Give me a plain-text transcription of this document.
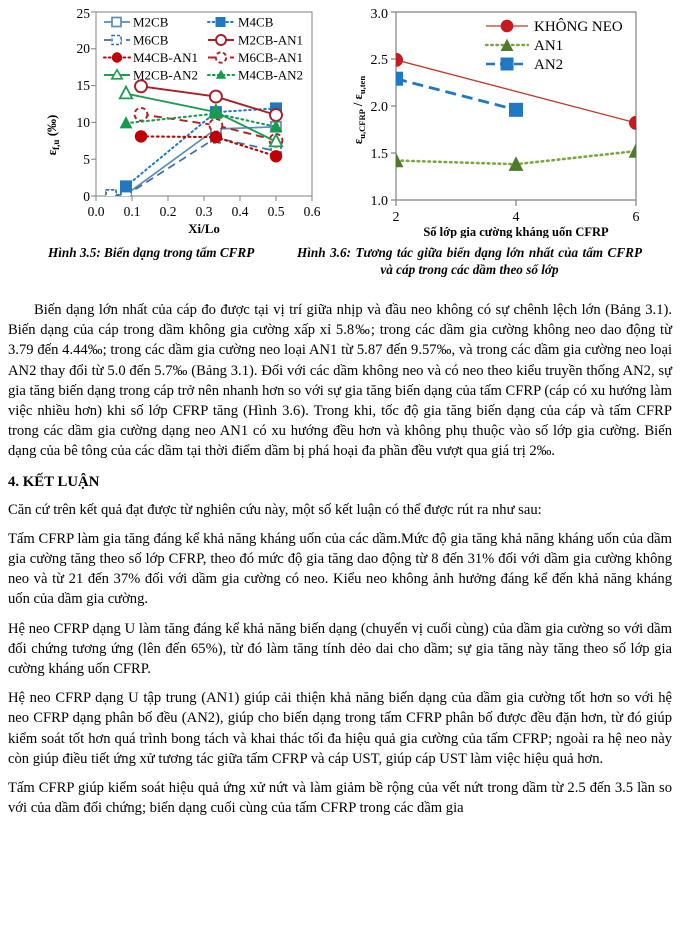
0
5
10
15
20
25
0.0 0.1 0.2 0.3 0.4 0.5 0.6
Xi/Lo
$\varepsilon_{f,u}$ (‰)
M2CB	M4CB
M6CB	M2CB-AN1
M4CB-AN1	M6CB-AN1
M2CB-AN2	M4CB-AN2
1.0
1.5
2.0
2.5
3.0
2	4	6
Số lớp gia cường kháng uốn CFRP
$\varepsilon_{u,CFRP} / \varepsilon_{u,ten}$
KHÔNG NEO
AN1
AN2
Hình 3.5: Biến dạng trong tấm CFRP	Hình 3.6: Tương tác giữa biến dạng lớn nhất của tấm CFRP và cáp trong các dầm theo số lớp

Biến dạng lớn nhất của cáp đo được tại vị trí giữa nhịp và đầu neo không có sự chênh lệch lớn (Bảng 3.1). Biến dạng của cáp trong dầm không gia cường xấp xỉ 5.8‰; trong các dầm gia cường không neo dao động từ 3.79 đến 4.44‰; trong các dầm gia cường neo loại AN1 từ 5.87 đến 9.57‰, và trong các dầm gia cường neo loại AN2 thay đổi từ 5.0 đến 5.7‰ (Bảng 3.1). Đối với các dầm không neo và có neo theo kiểu truyền thống AN2, sự gia tăng biến dạng trong cáp trở nên nhanh hơn so với sự gia tăng biến dạng của tấm CFRP (cáp có xu hướng làm việc nhiều hơn) khi số lớp CFRP tăng (Hình 3.6). Trong khi, tốc độ gia tăng biến dạng của cáp và tấm CFRP trong các dầm gia cường dạng neo AN1 có xu hướng đều hơn và không phụ thuộc vào số lớp gia cường. Biến dạng của bê tông của các dầm tại thời điểm dầm bị phá hoại đa phần đều vượt qua giá trị 2‰.

4. KẾT LUẬN

Căn cứ trên kết quả đạt được từ nghiên cứu này, một số kết luận có thể được rút ra như sau:

Tấm CFRP làm gia tăng đáng kể khả năng kháng uốn của các dầm.Mức độ gia tăng khả năng kháng uốn của dầm gia cường tăng theo số lớp CFRP, theo đó mức độ gia tăng dao động từ 8 đến 31% đối với dầm gia cường không neo và từ 21 đến 37% đối với dầm gia cường có neo. Kiểu neo không ảnh hưởng đáng kể đến khả năng kháng uốn của dầm gia cường.

Hệ neo CFRP dạng U làm tăng đáng kể khả năng biến dạng (chuyển vị cuối cùng) của dầm gia cường so với dầm đối chứng tương ứng (lên đến 65%), từ đó làm tăng tính dẻo dai cho dầm; sự gia tăng này tăng theo số lớp gia cường kháng uốn CFRP.

Hệ neo CFRP dạng U tập trung (AN1) giúp cải thiện khả năng biến dạng của dầm gia cường tốt hơn so với hệ neo CFRP dạng phân bố đều (AN2), giúp cho biến dạng trong tấm CFRP phân bố được đều đặn hơn, từ đó giúp kiểm soát tốt hơn quá trình bong tách và khai thác tối đa hiệu quả gia cường của tấm CFRP; ngoài ra hệ neo này còn giúp điều tiết ứng xử tương tác giữa tấm CFRP và cáp UST, giúp cáp UST làm việc hiệu quả hơn.

Tấm CFRP giúp kiểm soát hiệu quả ứng xử nứt và làm giảm bề rộng của vết nứt trong dầm từ 2.5 đến 3.5 lần so với của dầm đối chứng; biến dạng cuối cùng của tấm CFRP trong các dầm gia
